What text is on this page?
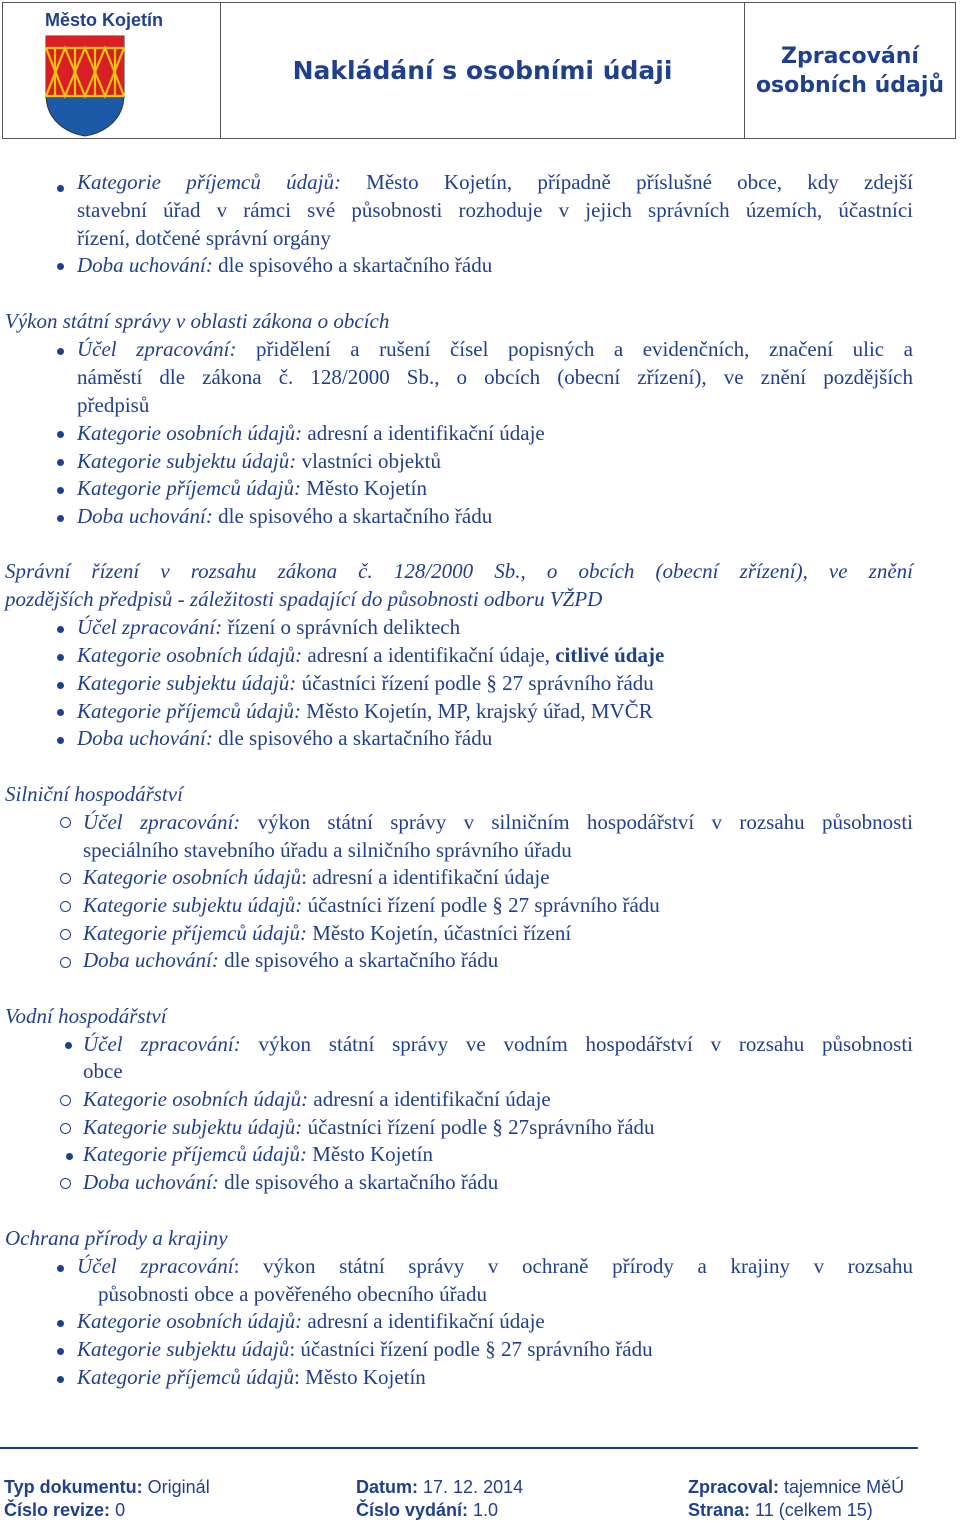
Město Kojetín
Nakládání s osobními údaji	Zpracování
osobních údajů
Kategorie příjemců údajů: Město Kojetín, případně příslušné obce, kdy zdejší
stavební úřad v rámci své působnosti rozhoduje v jejich správních územích, účastníci
řízení, dotčené správní orgány
Doba uchování: dle spisového a skartačního řádu
Výkon státní správy v oblasti zákona o obcích
Účel zpracování: přidělení a rušení čísel popisných a evidenčních, značení ulic a
náměstí dle zákona č. 128/2000 Sb., o obcích (obecní zřízení), ve znění pozdějších
předpisů
Kategorie osobních údajů: adresní a identifikační údaje
Kategorie subjektu údajů: vlastníci objektů
Kategorie příjemců údajů: Město Kojetín
Doba uchování: dle spisového a skartačního řádu
Správní řízení v rozsahu zákona č. 128/2000 Sb., o obcích (obecní zřízení), ve znění
pozdějších předpisů - záležitosti spadající do působnosti odboru VŽPD
Účel zpracování: řízení o správních deliktech
Kategorie osobních údajů: adresní a identifikační údaje, citlivé údaje
Kategorie subjektu údajů: účastníci řízení podle § 27 správního řádu
Kategorie příjemců údajů: Město Kojetín, MP, krajský úřad, MVČR
Doba uchování: dle spisového a skartačního řádu
Silniční hospodářství
Účel zpracování: výkon státní správy v silničním hospodářství v rozsahu působnosti
speciálního stavebního úřadu a silničního správního úřadu
Kategorie osobních údajů: adresní a identifikační údaje
Kategorie subjektu údajů: účastníci řízení podle § 27 správního řádu
Kategorie příjemců údajů: Město Kojetín, účastníci řízení
Doba uchování: dle spisového a skartačního řádu
Vodní hospodářství
Účel zpracování: výkon státní správy ve vodním hospodářství v rozsahu působnosti
obce
Kategorie osobních údajů: adresní a identifikační údaje
Kategorie subjektu údajů: účastníci řízení podle § 27správního řádu
Kategorie příjemců údajů: Město Kojetín
Doba uchování: dle spisového a skartačního řádu
Ochrana přírody a krajiny
Účel zpracování: výkon státní správy v ochraně přírody a krajiny v rozsahu
působnosti obce a pověřeného obecního úřadu
Kategorie osobních údajů: adresní a identifikační údaje
Kategorie subjektu údajů: účastníci řízení podle § 27 správního řádu
Kategorie příjemců údajů: Město Kojetín
Typ dokumentu: Originál	Datum: 17. 12. 2014	Zpracoval: tajemnice MěÚ
Číslo revize: 0	Číslo vydání: 1.0	Strana: 11 (celkem 15)
